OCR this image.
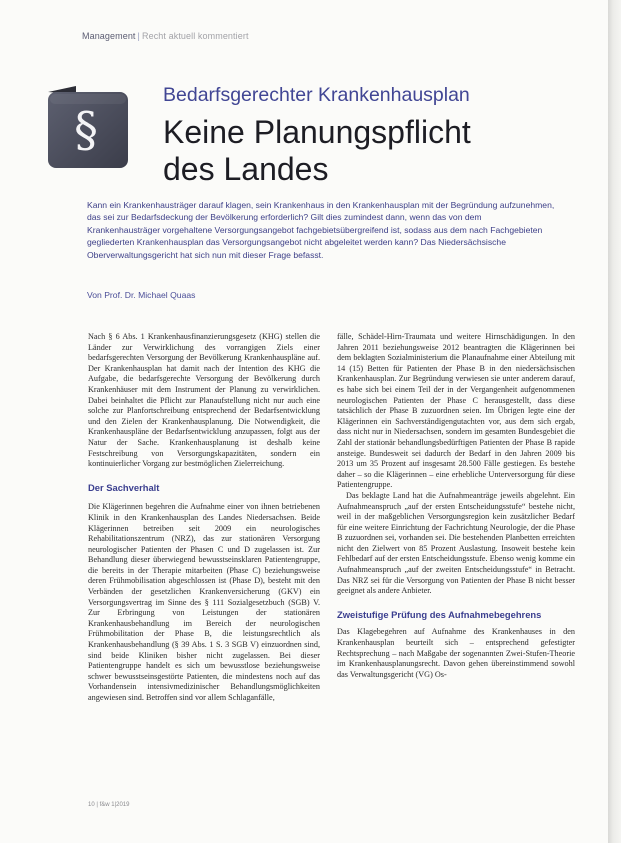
Management | Recht aktuell kommentiert
§
Bedarfsgerechter Krankenhausplan
Keine Planungspflicht des Landes

Kann ein Krankenhausträger darauf klagen, sein Krankenhaus in den Krankenhausplan mit der Begründung aufzunehmen, das sei zur Bedarfsdeckung der Bevölkerung erforderlich? Gilt dies zumindest dann, wenn das von dem Krankenhausträger vorgehaltene Versorgungsangebot fachgebietsübergreifend ist, sodass aus dem nach Fachgebieten gegliederten Krankenhausplan das Versorgungsangebot nicht abgeleitet werden kann? Das Niedersächsische Oberverwaltungsgericht hat sich nun mit dieser Frage befasst.

Von Prof. Dr. Michael Quaas

Nach § 6 Abs. 1 Krankenhausfinanzierungsgesetz (KHG) stellen die Länder zur Verwirklichung des vorrangigen Ziels einer bedarfsgerechten Versorgung der Bevölkerung Krankenhauspläne auf. Der Krankenhausplan hat damit nach der Intention des KHG die Aufgabe, die bedarfsgerechte Versorgung der Bevölkerung durch Krankenhäuser mit dem Instrument der Planung zu verwirklichen. Dabei beinhaltet die Pflicht zur Planaufstellung nicht nur auch eine solche zur Planfortschreibung entsprechend der Bedarfsentwicklung und den Zielen der Krankenhausplanung. Die Notwendigkeit, die Krankenhauspläne der Bedarfsentwicklung anzupassen, folgt aus der Natur der Sache. Krankenhausplanung ist deshalb keine Festschreibung von Versorgungskapazitäten, sondern ein kontinuierlicher Vorgang zur bestmöglichen Zielerreichung.

Der Sachverhalt

Die Klägerinnen begehren die Aufnahme einer von ihnen betriebenen Klinik in den Krankenhausplan des Landes Niedersachsen. Beide Klägerinnen betreiben seit 2009 ein neurologisches Rehabilitationszentrum (NRZ), das zur stationären Versorgung neurologischer Patienten der Phasen C und D zugelassen ist. Zur Behandlung dieser überwiegend bewusstseinsklaren Patientengruppe, die bereits in der Therapie mitarbeiten (Phase C) beziehungsweise deren Frühmobilisation abgeschlossen ist (Phase D), besteht mit den Verbänden der gesetzlichen Krankenversicherung (GKV) ein Versorgungsvertrag im Sinne des § 111 Sozialgesetzbuch (SGB) V. Zur Erbringung von Leistungen der stationären Krankenhausbehandlung im Bereich der neurologischen Frühmobilitation der Phase B, die leistungsrechtlich als Krankenhausbehandlung (§ 39 Abs. 1 S. 3 SGB V) einzuordnen sind, sind beide Kliniken bisher nicht zugelassen. Bei dieser Patientengruppe handelt es sich um bewusstlose beziehungsweise schwer bewusstseinsgestörte Patienten, die mindestens noch auf das Vorhandensein intensivmedizinischer Behandlungsmöglichkeiten angewiesen sind. Betroffen sind vor allem Schlaganfälle,

fälle, Schädel-Hirn-Traumata und weitere Hirnschädigungen. In den Jahren 2011 beziehungsweise 2012 beantragten die Klägerinnen bei dem beklagten Sozialministerium die Planaufnahme einer Abteilung mit 14 (15) Betten für Patienten der Phase B in den niedersächsischen Krankenhausplan. Zur Begründung verwiesen sie unter anderem darauf, es habe sich bei einem Teil der in der Vergangenheit aufgenommenen neurologischen Patienten der Phase C herausgestellt, dass diese tatsächlich der Phase B zuzuordnen seien. Im Übrigen legte eine der Klägerinnen ein Sachverständigengutachten vor, aus dem sich ergab, dass nicht nur in Niedersachsen, sondern im gesamten Bundesgebiet die Zahl der stationär behandlungsbedürftigen Patienten der Phase B rapide ansteige. Bundesweit sei dadurch der Bedarf in den Jahren 2009 bis 2013 um 35 Prozent auf insgesamt 28.500 Fälle gestiegen. Es bestehe daher – so die Klägerinnen – eine erhebliche Unterversorgung für diese Patientengruppe.

Das beklagte Land hat die Aufnahmeanträge jeweils abgelehnt. Ein Aufnahmeanspruch „auf der ersten Entscheidungsstufe“ bestehe nicht, weil in der maßgeblichen Versorgungsregion kein zusätzlicher Bedarf für eine weitere Einrichtung der Fachrichtung Neurologie, der die Phase B zuzuordnen sei, vorhanden sei. Die bestehenden Planbetten erreichten nicht den Zielwert von 85 Prozent Auslastung. Insoweit bestehe kein Fehlbedarf auf der ersten Entscheidungsstufe. Ebenso wenig komme ein Aufnahmeanspruch „auf der zweiten Entscheidungsstufe“ in Betracht. Das NRZ sei für die Versorgung von Patienten der Phase B nicht besser geeignet als andere Anbieter.

Zweistufige Prüfung des Aufnahmebegehrens

Das Klagebegehren auf Aufnahme des Krankenhauses in den Krankenhausplan beurteilt sich – entsprechend gefestigter Rechtsprechung – nach Maßgabe der sogenannten Zwei-Stufen-Theorie im Krankenhausplanungsrecht. Davon gehen übereinstimmend sowohl das Verwaltungsgericht (VG) Os-

10 | f&w 1|2019
